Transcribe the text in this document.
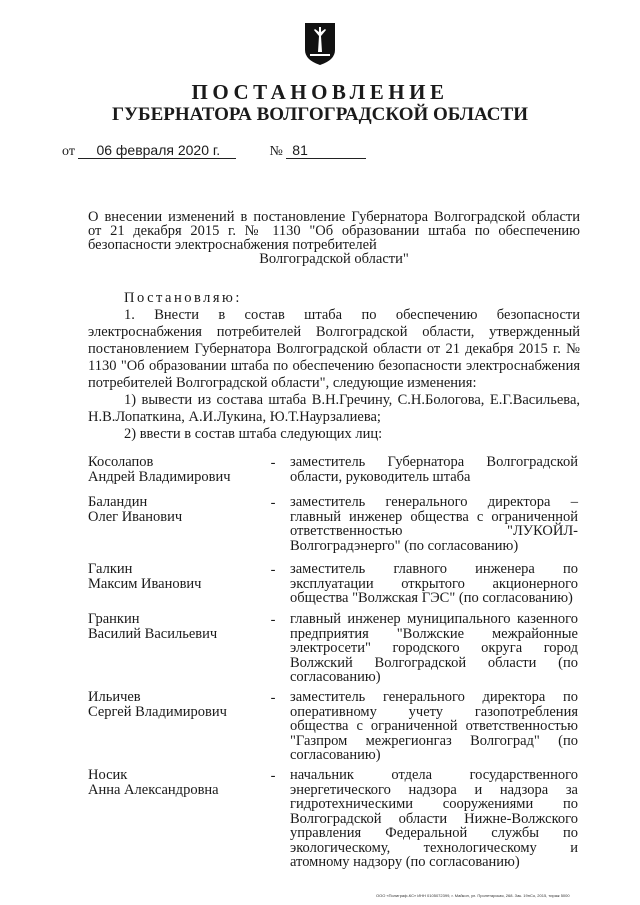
ПОСТАНОВЛЕНИЕ
ГУБЕРНАТОРА ВОЛГОГРАДСКОЙ ОБЛАСТИ
от 06 февраля 2020 г.	№ 81
О внесении изменений в постановление Губернатора Волгоградской области от 21 декабря 2015 г. № 1130 "Об образовании штаба по обеспечению безопасности электроснабжения потребителей
Волгоградской области"
Постановляю:
1. Внести в состав штаба по обеспечению безопасности электроснабжения потребителей Волгоградской области, утвержденный постановлением Губернатора Волгоградской области от 21 декабря 2015 г. № 1130 "Об образовании штаба по обеспечению безопасности электроснабжения потребителей Волгоградской области", следующие изменения:
1) вывести из состава штаба В.Н.Гречину, С.Н.Бологова, Е.Г.Васильева, Н.В.Лопаткина, А.И.Лукина, Ю.Т.Наурзалиева;
2) ввести в состав штаба следующих лиц:
Косолапов
Андрей Владимирович
-	заместитель Губернатора Волгоградской области, руководитель штаба
Баландин
Олег Иванович
-	заместитель генерального директора – главный инженер общества с ограниченной ответственностью "ЛУКОЙЛ-Волгоградэнерго" (по согласованию)
Галкин
Максим Иванович
-	заместитель главного инженера по эксплуатации открытого акционерного общества "Волжская ГЭС" (по согласованию)
Гранкин
Василий Васильевич
-	главный инженер муниципального казенного предприятия "Волжские межрайонные электросети" городского округа город Волжский Волгоградской области (по согласованию)
Ильичев
Сергей Владимирович
-	заместитель генерального директора по оперативному учету газопотребления общества с ограниченной ответственностью "Газпром межрегионгаз Волгоград" (по согласованию)
Носик
Анна Александровна
-	начальник отдела государственного энергетического надзора и надзора за гидротехническими сооружениями по Волгоградской области Нижне-Волжского управления Федеральной службы по экологическому, технологическому и атомному надзору (по согласованию)
ООО «Полиграф-КС» ИНН 0105072399, г. Майкоп, ул. Пролетарская, 268. Зак. 19нСо, 2015, тираж 5000
